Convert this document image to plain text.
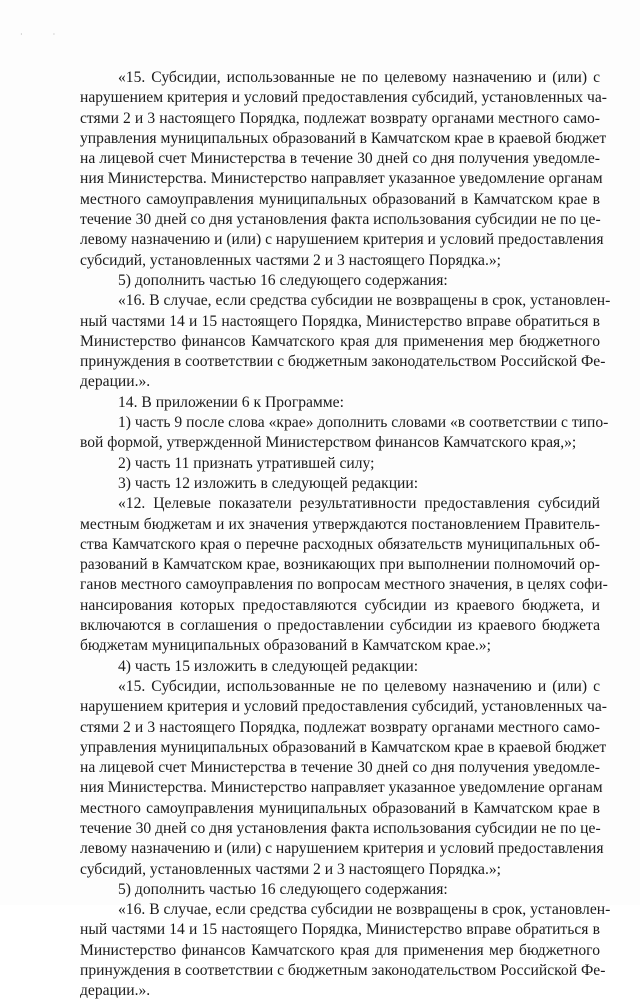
· ·
«15. Субсидии, использованные не по целевому назначению и (или) с
нарушением критерия и условий предоставления субсидий, установленных ча-
стями 2 и 3 настоящего Порядка, подлежат возврату органами местного само-
управления муниципальных образований в Камчатском крае в краевой бюджет
на лицевой счет Министерства в течение 30 дней со дня получения уведомле-
ния Министерства. Министерство направляет указанное уведомление органам
местного самоуправления муниципальных образований в Камчатском крае в
течение 30 дней со дня установления факта использования субсидии не по це-
левому назначению и (или) с нарушением критерия и условий предоставления
субсидий, установленных частями 2 и 3 настоящего Порядка.»;
5) дополнить частью 16 следующего содержания:
«16. В случае, если средства субсидии не возвращены в срок, установлен-
ный частями 14 и 15 настоящего Порядка, Министерство вправе обратиться в
Министерство финансов Камчатского края для применения мер бюджетного
принуждения в соответствии с бюджетным законодательством Российской Фе-
дерации.».
14. В приложении 6 к Программе:
1) часть 9 после слова «крае» дополнить словами «в соответствии с типо-
вой формой, утвержденной Министерством финансов Камчатского края,»;
2) часть 11 признать утратившей силу;
3) часть 12 изложить в следующей редакции:
«12. Целевые показатели результативности предоставления субсидий
местным бюджетам и их значения утверждаются постановлением Правитель-
ства Камчатского края о перечне расходных обязательств муниципальных об-
разований в Камчатском крае, возникающих при выполнении полномочий ор-
ганов местного самоуправления по вопросам местного значения, в целях софи-
нансирования которых предоставляются субсидии из краевого бюджета, и
включаются в соглашения о предоставлении субсидии из краевого бюджета
бюджетам муниципальных образований в Камчатском крае.»;
4) часть 15 изложить в следующей редакции:
«15. Субсидии, использованные не по целевому назначению и (или) с
нарушением критерия и условий предоставления субсидий, установленных ча-
стями 2 и 3 настоящего Порядка, подлежат возврату органами местного само-
управления муниципальных образований в Камчатском крае в краевой бюджет
на лицевой счет Министерства в течение 30 дней со дня получения уведомле-
ния Министерства. Министерство направляет указанное уведомление органам
местного самоуправления муниципальных образований в Камчатском крае в
течение 30 дней со дня установления факта использования субсидии не по це-
левому назначению и (или) с нарушением критерия и условий предоставления
субсидий, установленных частями 2 и 3 настоящего Порядка.»;
5) дополнить частью 16 следующего содержания:
«16. В случае, если средства субсидии не возвращены в срок, установлен-
ный частями 14 и 15 настоящего Порядка, Министерство вправе обратиться в
Министерство финансов Камчатского края для применения мер бюджетного
принуждения в соответствии с бюджетным законодательством Российской Фе-
дерации.».
